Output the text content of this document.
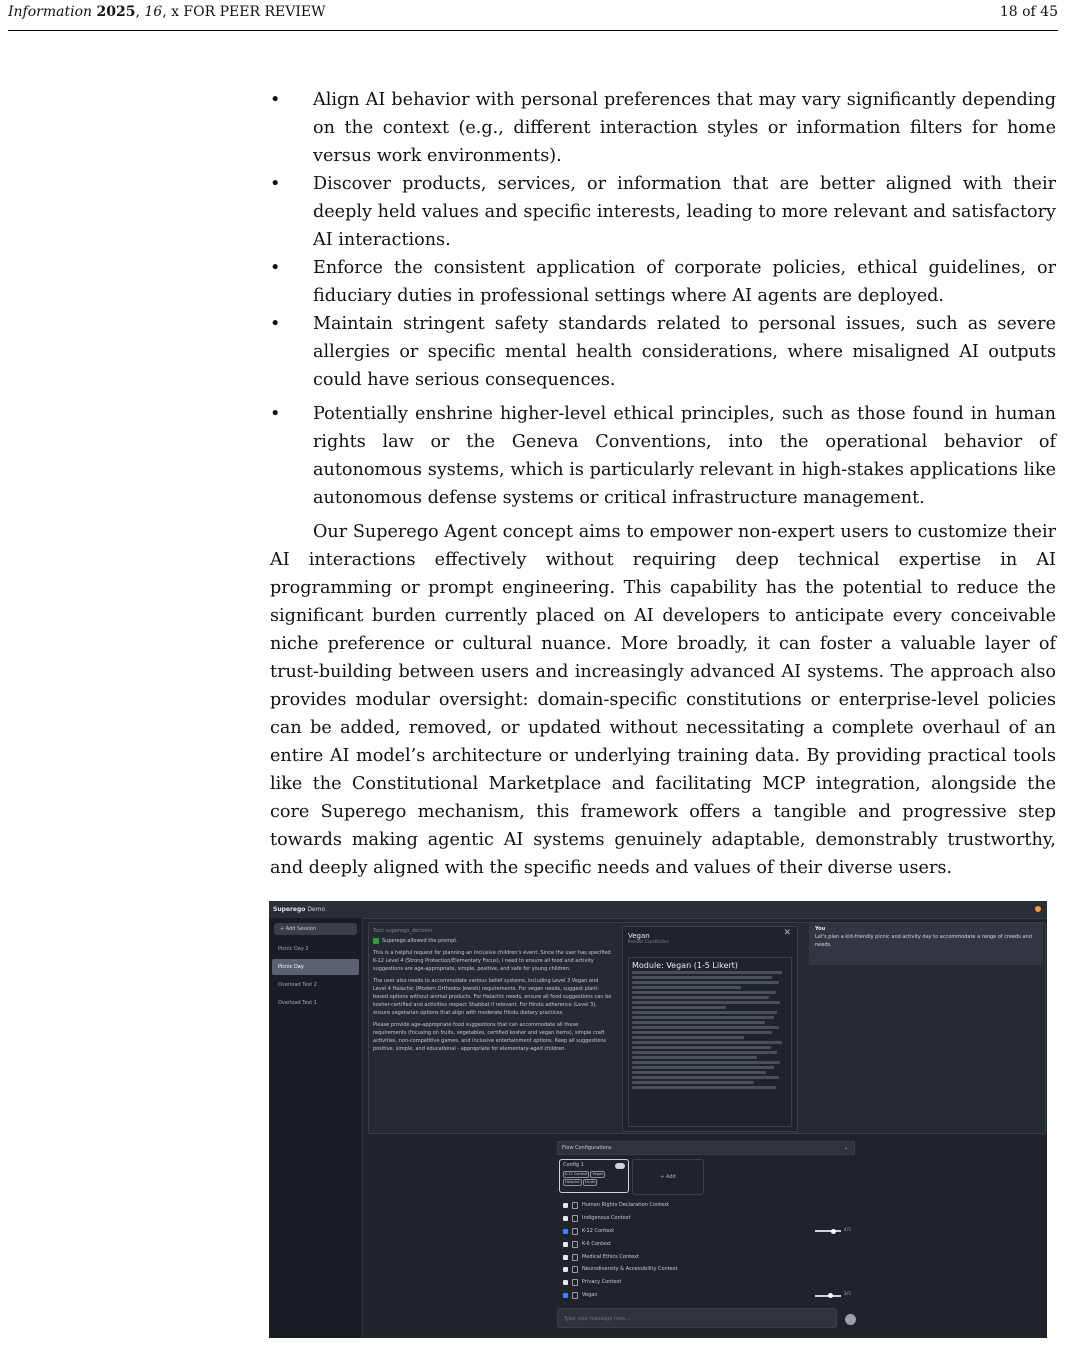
Information 2025, 16, x FOR PEER REVIEW	18 of 45
• Align AI behavior with personal preferences that may vary significantly depending on the context (e.g., different interaction styles or information filters for home versus work environments).
• Discover products, services, or information that are better aligned with their deeply held values and specific interests, leading to more relevant and satisfactory AI interactions.
• Enforce the consistent application of corporate policies, ethical guidelines, or fiduciary duties in professional settings where AI agents are deployed.
• Maintain stringent safety standards related to personal issues, such as severe allergies or specific mental health considerations, where misaligned AI outputs could have serious consequences.
• Potentially enshrine higher-level ethical principles, such as those found in human rights law or the Geneva Conventions, into the operational behavior of autonomous systems, which is particularly relevant in high-stakes applications like autonomous defense systems or critical infrastructure management.

Our Superego Agent concept aims to empower non-expert users to customize their AI interactions effectively without requiring deep technical expertise in AI programming or prompt engineering. This capability has the potential to reduce the significant burden currently placed on AI developers to anticipate every conceivable niche preference or cultural nuance. More broadly, it can foster a valuable layer of trust-building between users and increasingly advanced AI systems. The approach also provides modular oversight: domain-specific constitutions or enterprise-level policies can be added, removed, or updated without necessitating a complete overhaul of an entire AI model’s architecture or underlying training data. By providing practical tools like the Constitutional Marketplace and facilitating MCP integration, alongside the core Superego mechanism, this framework offers a tangible and progressive step towards making agentic AI systems genuinely adaptable, demonstrably trustworthy, and deeply aligned with the specific needs and values of their diverse users.

Superego Demo
+ Add Session
Picnic Day 2
Picnic Day
Overload Test 2
Overload Test 1
Tool: superego_decision
Superego allowed the prompt.

This is a helpful request for planning an inclusive children's event. Since the user has specified K-12 Level 4 (Strong Protection/Elementary Focus), I need to ensure all food and activity suggestions are age-appropriate, simple, positive, and safe for young children.

The user also needs to accommodate various belief systems, including Level 3 Vegan and Level 4 Halachic (Modern Orthodox Jewish) requirements. For vegan needs, suggest plant-based options without animal products. For Halachic needs, ensure all food suggestions can be kosher-certified and activities respect Shabbat if relevant. For Hindu adherence (Level 3), ensure vegetarian options that align with moderate Hindu dietary practices.

Please provide age-appropriate food suggestions that can accommodate all these requirements (focusing on fruits, vegetables, certified kosher and vegan items), simple craft activities, non-competitive games, and inclusive entertainment options. Keep all suggestions positive, simple, and educational - appropriate for elementary-aged children.

Vegan
Remote Constitution
✕
Module: Vegan (1-5 Likert)
You
Let's plan a kid-friendly picnic and activity day to accommodate a range of creeds and needs.
Flow Configurations	⌄
Config 1
K-12 Context	Vegan
Halachic	Hindu
+ Add
Human Rights Declaration Context
Indigenous Context
K-12 Context	4/5
K-6 Context
Medical Ethics Context
Neurodiversity & Accessibility Context
Privacy Context
Vegan	3/5
Type your message here...
